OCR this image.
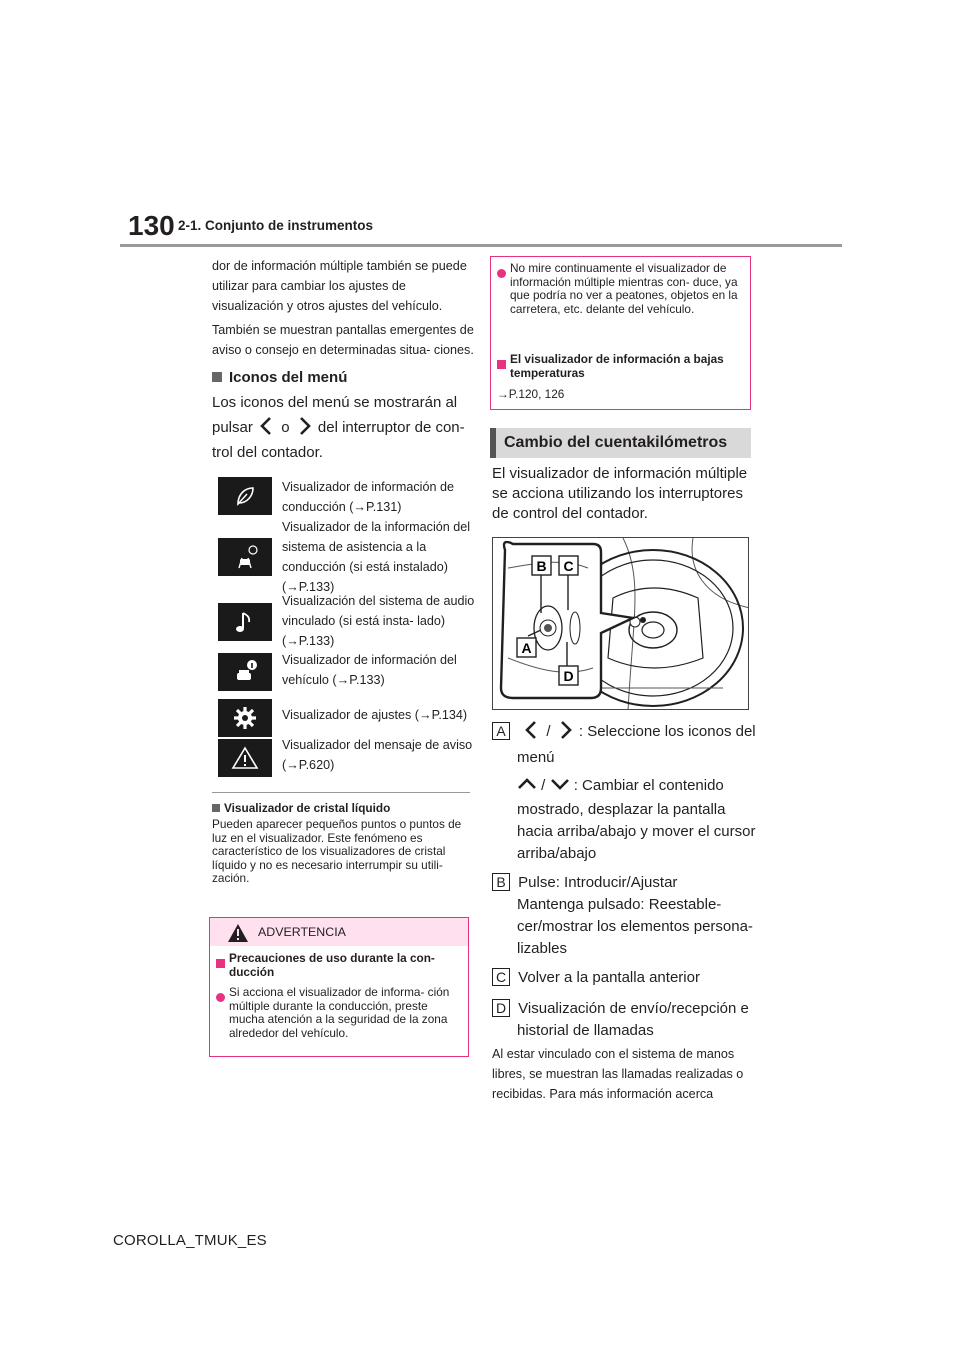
130 2-1. Conjunto de instrumentos

dor de información múltiple también se puede utilizar para cambiar los ajustes de visualización y otros ajustes del vehículo.

También se muestran pantallas emergentes de aviso o consejo en determinadas situa- ciones.

Iconos del menú

Los iconos del menú se mostrarán al

pulsar o del interruptor de con-

trol del contador.

Visualizador de información de conducción (→P.131)
Visualizador de la información del sistema de asistencia a la conducción (si está instalado) (→P.133)
Visualización del sistema de audio vinculado (si está insta- lado)(→P.133)
Visualizador de información del vehículo (→P.133)
Visualizador de ajustes (→P.134)
Visualizador del mensaje de aviso (→P.620)
Visualizador de cristal líquido
Pueden aparecer pequeños puntos o puntos de luz en el visualizador. Este fenómeno es característico de los visualizadores de cristal líquido y no es necesario interrumpir su utili- zación.
ADVERTENCIA
Precauciones de uso durante la con- ducción
Si acciona el visualizador de informa- ción múltiple durante la conducción, preste mucha atención a la seguridad de la zona alrededor del vehículo.
No mire continuamente el visualizador de información múltiple mientras con- duce, ya que podría no ver a peatones, objetos en la carretera, etc. delante del vehículo.
El visualizador de información a bajas temperaturas
→P.120, 126
Cambio del cuentakilómetros
El visualizador de información múltiple se acciona utilizando los interruptores de control del contador.
B C
A
D
A	/ : Seleccione los iconos del
menú
/ : Cambiar el contenido
mostrado, desplazar la pantalla
hacia arriba/abajo y mover el cursor
arriba/abajo
B Pulse: Introducir/Ajustar
Mantenga pulsado: Reestable-
cer/mostrar los elementos persona-
lizables
C Volver a la pantalla anterior
D Visualización de envío/recepción e
historial de llamadas
Al estar vinculado con el sistema de manos libres, se muestran las llamadas realizadas o recibidas. Para más información acerca
COROLLA_TMUK_ES
